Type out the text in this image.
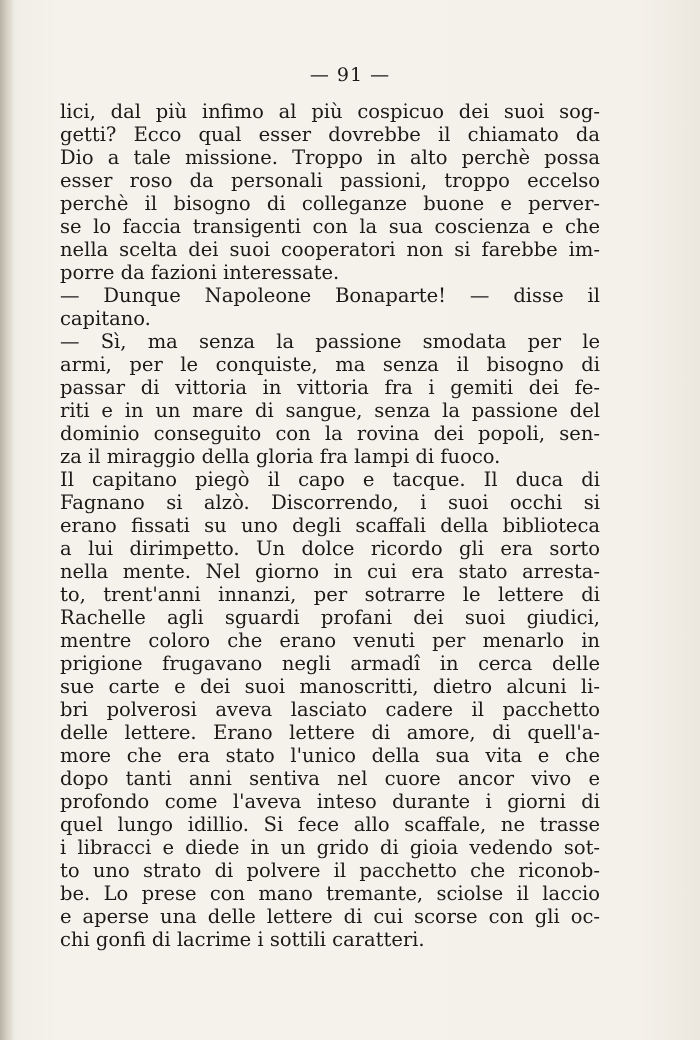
— 91 —
lici, dal più infimo al più cospicuo dei suoi sog-
getti? Ecco qual esser dovrebbe il chiamato da
Dio a tale missione. Troppo in alto perchè possa
esser roso da personali passioni, troppo eccelso
perchè il bisogno di colleganze buone e perver-
se lo faccia transigenti con la sua coscienza e che
nella scelta dei suoi cooperatori non si farebbe im-
porre da fazioni interessate.
— Dunque Napoleone Bonaparte! — disse il
capitano.
— Sì, ma senza la passione smodata per le
armi, per le conquiste, ma senza il bisogno di
passar di vittoria in vittoria fra i gemiti dei fe-
riti e in un mare di sangue, senza la passione del
dominio conseguito con la rovina dei popoli, sen-
za il miraggio della gloria fra lampi di fuoco.
Il capitano piegò il capo e tacque. Il duca di
Fagnano si alzò. Discorrendo, i suoi occhi si
erano fissati su uno degli scaffali della biblioteca
a lui dirimpetto. Un dolce ricordo gli era sorto
nella mente. Nel giorno in cui era stato arresta-
to, trent'anni innanzi, per sotrarre le lettere di
Rachelle agli sguardi profani dei suoi giudici,
mentre coloro che erano venuti per menarlo in
prigione frugavano negli armadî in cerca delle
sue carte e dei suoi manoscritti, dietro alcuni li-
bri polverosi aveva lasciato cadere il pacchetto
delle lettere. Erano lettere di amore, di quell'a-
more che era stato l'unico della sua vita e che
dopo tanti anni sentiva nel cuore ancor vivo e
profondo come l'aveva inteso durante i giorni di
quel lungo idillio. Si fece allo scaffale, ne trasse
i libracci e diede in un grido di gioia vedendo sot-
to uno strato di polvere il pacchetto che riconob-
be. Lo prese con mano tremante, sciolse il laccio
e aperse una delle lettere di cui scorse con gli oc-
chi gonfi di lacrime i sottili caratteri.
